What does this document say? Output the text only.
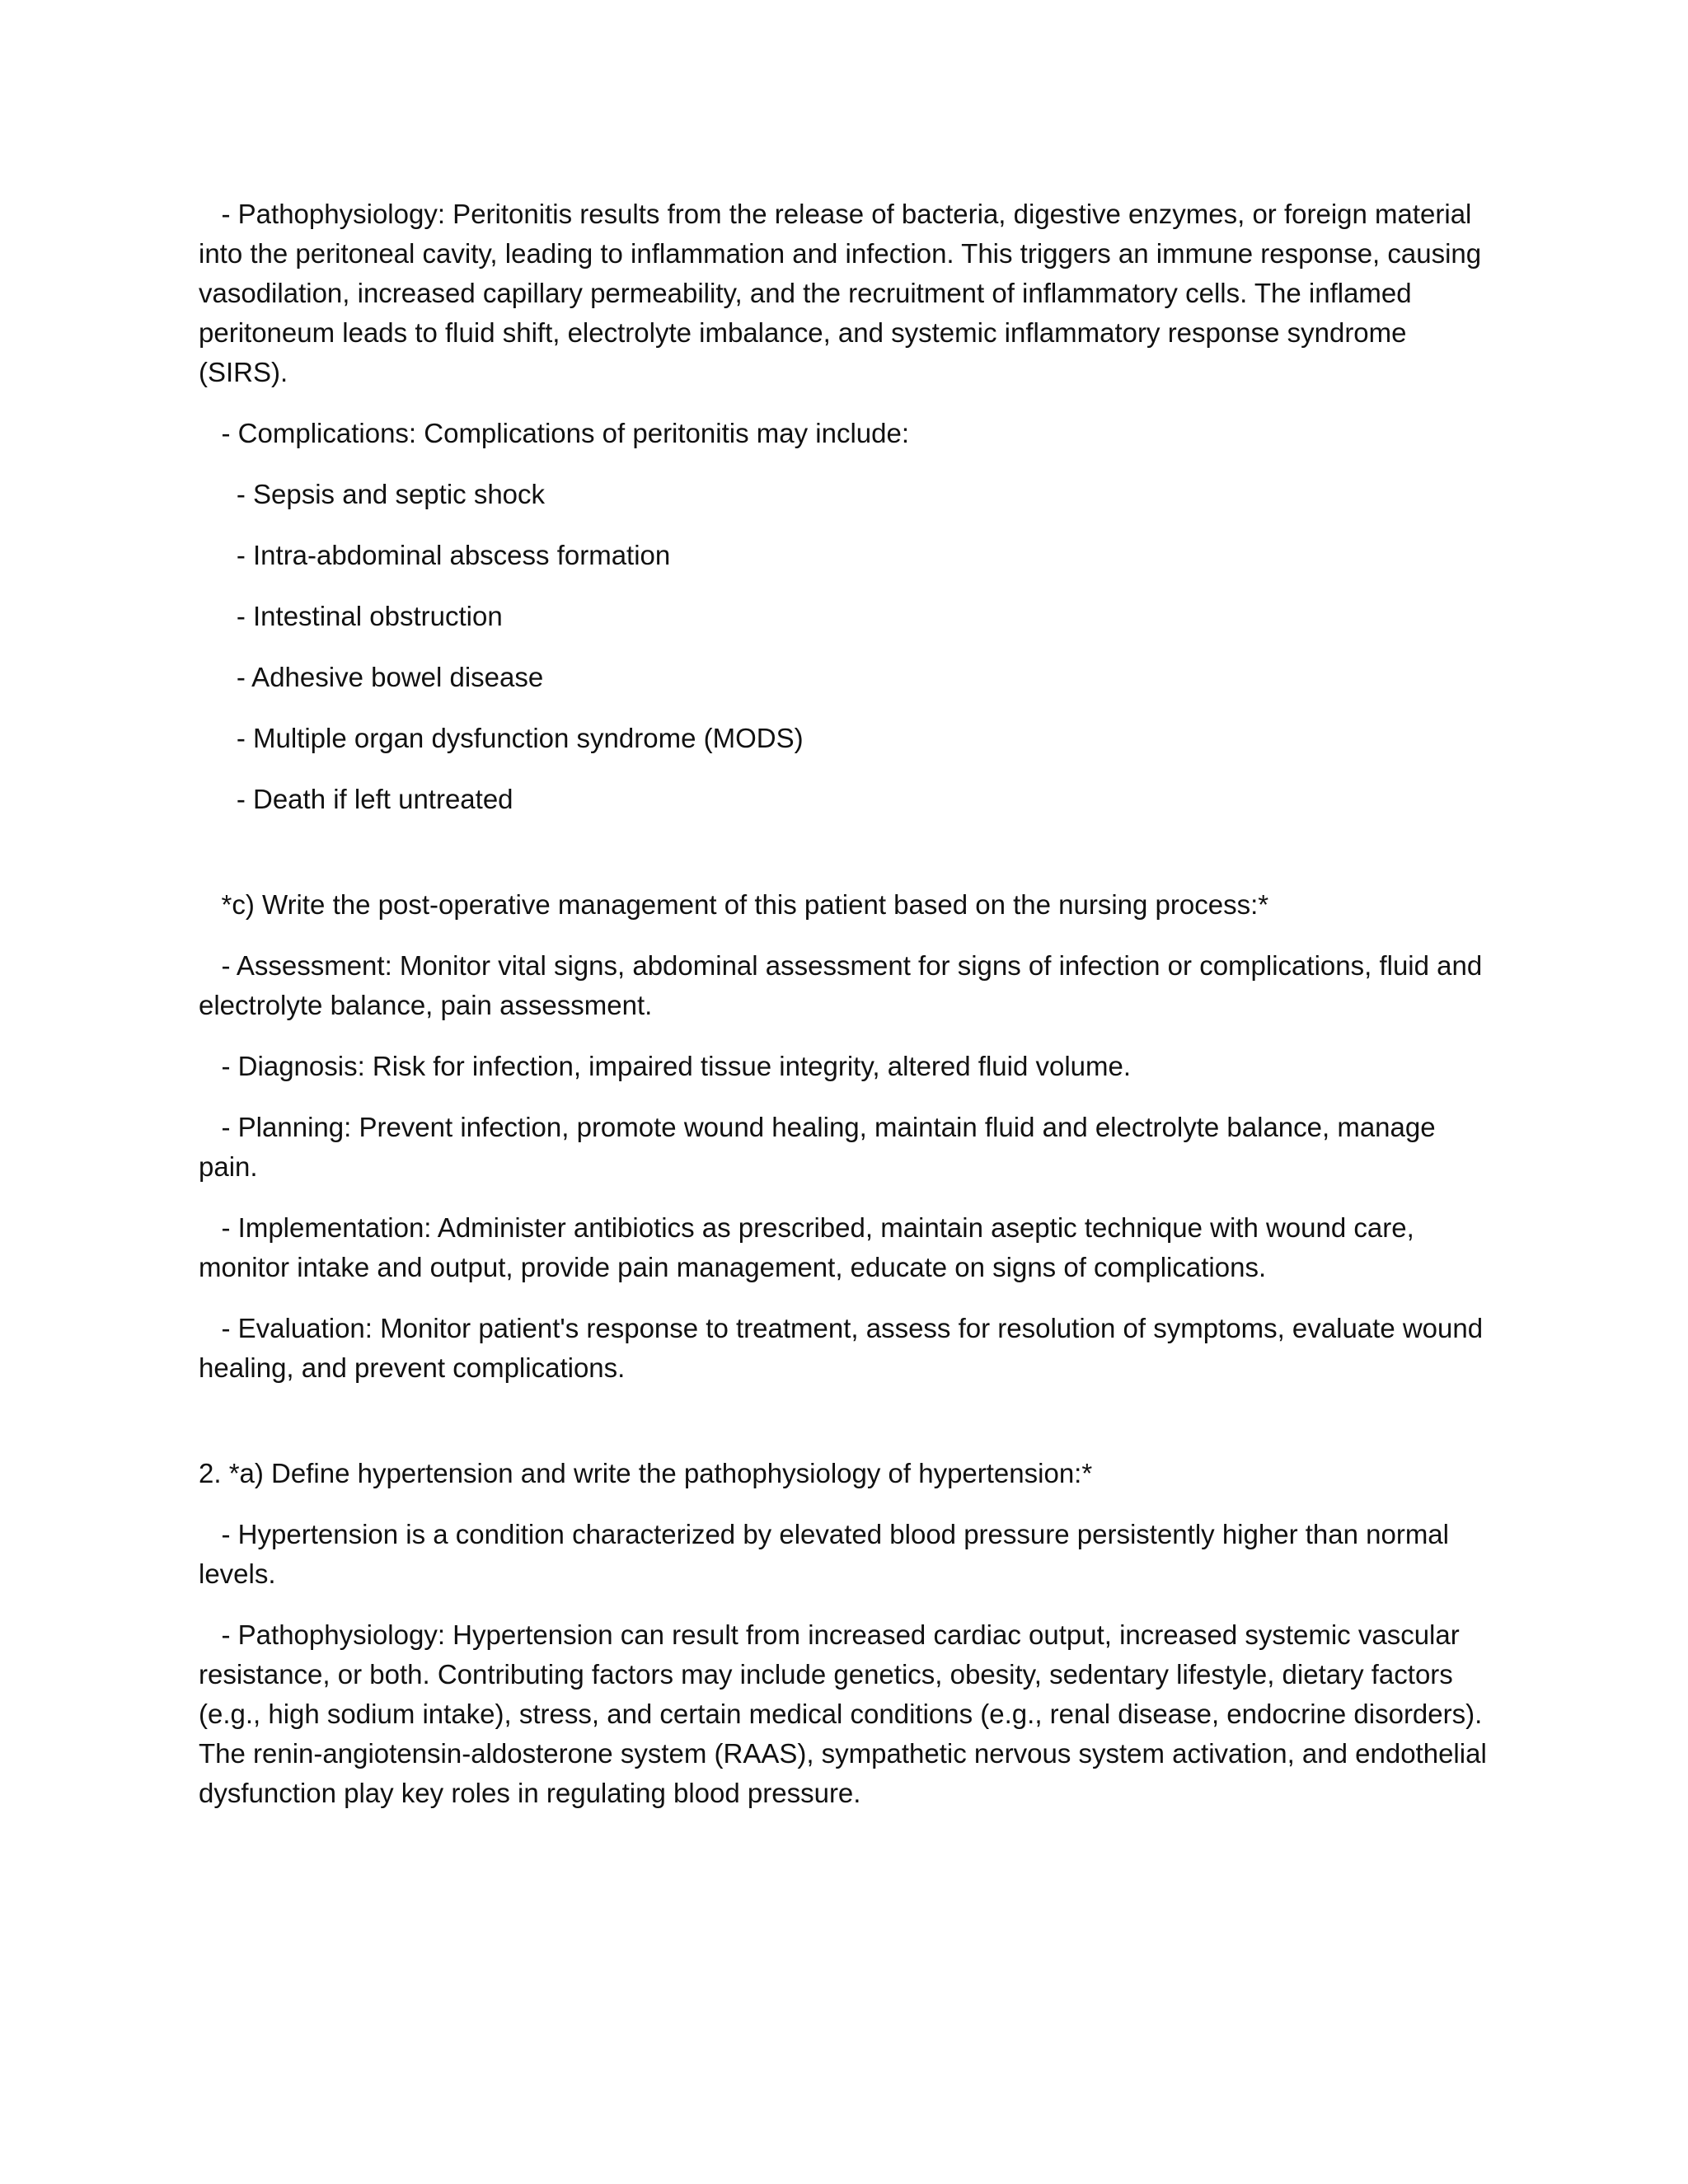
- Pathophysiology: Peritonitis results from the release of bacteria, digestive enzymes, or foreign material into the peritoneal cavity, leading to inflammation and infection. This triggers an immune response, causing vasodilation, increased capillary permeability, and the recruitment of inflammatory cells. The inflamed peritoneum leads to fluid shift, electrolyte imbalance, and systemic inflammatory response syndrome (SIRS).

- Complications: Complications of peritonitis may include:

- Sepsis and septic shock

- Intra-abdominal abscess formation

- Intestinal obstruction

- Adhesive bowel disease

- Multiple organ dysfunction syndrome (MODS)

- Death if left untreated

*c) Write the post-operative management of this patient based on the nursing process:*

- Assessment: Monitor vital signs, abdominal assessment for signs of infection or complications, fluid and electrolyte balance, pain assessment.

- Diagnosis: Risk for infection, impaired tissue integrity, altered fluid volume.

- Planning: Prevent infection, promote wound healing, maintain fluid and electrolyte balance, manage pain.

- Implementation: Administer antibiotics as prescribed, maintain aseptic technique with wound care, monitor intake and output, provide pain management, educate on signs of complications.

- Evaluation: Monitor patient's response to treatment, assess for resolution of symptoms, evaluate wound healing, and prevent complications.

2. *a) Define hypertension and write the pathophysiology of hypertension:*

- Hypertension is a condition characterized by elevated blood pressure persistently higher than normal levels.

- Pathophysiology: Hypertension can result from increased cardiac output, increased systemic vascular resistance, or both. Contributing factors may include genetics, obesity, sedentary lifestyle, dietary factors (e.g., high sodium intake), stress, and certain medical conditions (e.g., renal disease, endocrine disorders). The renin-angiotensin-aldosterone system (RAAS), sympathetic nervous system activation, and endothelial dysfunction play key roles in regulating blood pressure.
